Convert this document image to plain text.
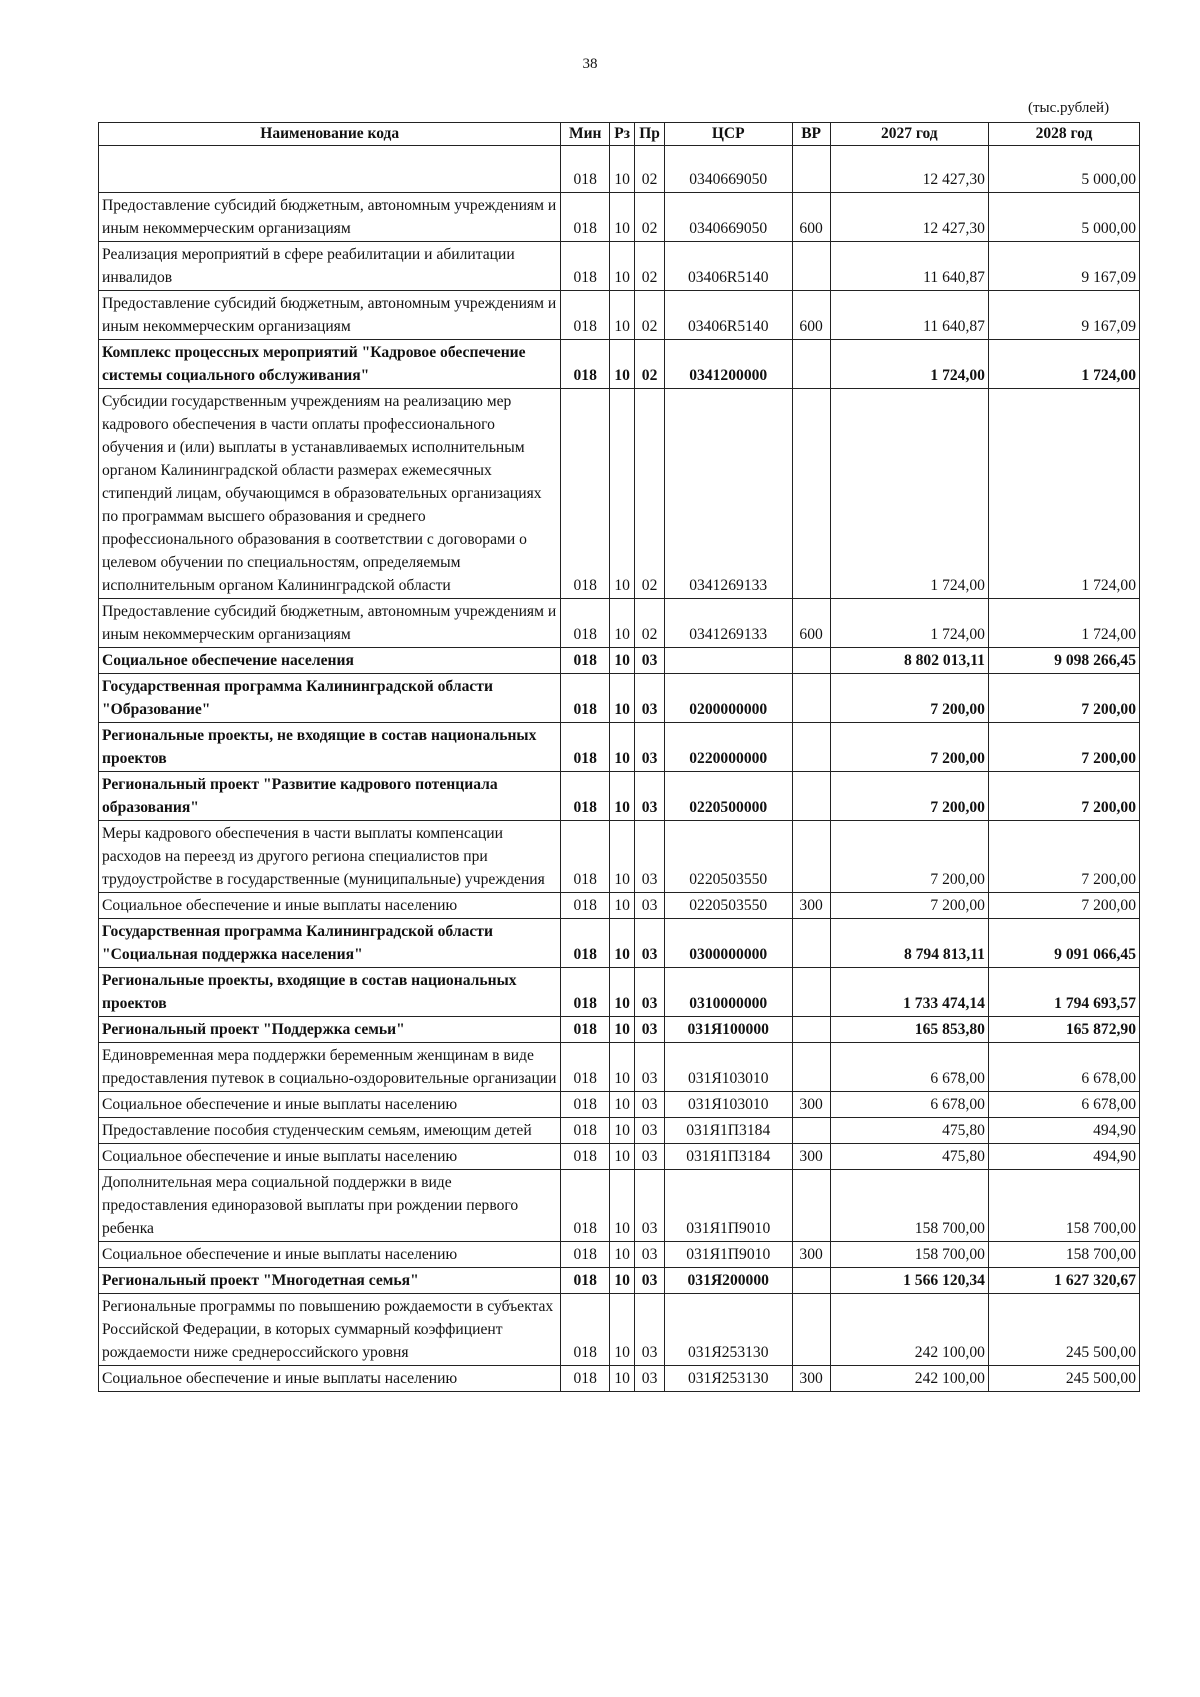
38
(тыс.рублей)
Наименование кода	Мин	Рз	Пр	ЦСР	ВР	2027 год	2028 год
	018	10	02	0340669050		12 427,30	5 000,00
Предоставление субсидий бюджетным, автономным учреждениям и иным некоммерческим организациям	018	10	02	0340669050	600	12 427,30	5 000,00
Реализация мероприятий в сфере реабилитации и абилитации инвалидов	018	10	02	03406R5140		11 640,87	9 167,09
Предоставление субсидий бюджетным, автономным учреждениям и иным некоммерческим организациям	018	10	02	03406R5140	600	11 640,87	9 167,09
Комплекс процессных мероприятий "Кадровое обеспечение системы социального обслуживания"	018	10	02	0341200000		1 724,00	1 724,00
Субсидии государственным учреждениям на реализацию мер кадрового обеспечения в части оплаты профессионального обучения и (или) выплаты в устанавливаемых исполнительным органом Калининградской области размерах ежемесячных стипендий лицам, обучающимся в образовательных организациях по программам высшего образования и среднего профессионального образования в соответствии с договорами о целевом обучении по специальностям, определяемым исполнительным органом Калининградской области	018	10	02	0341269133		1 724,00	1 724,00
Предоставление субсидий бюджетным, автономным учреждениям и иным некоммерческим организациям	018	10	02	0341269133	600	1 724,00	1 724,00
Социальное обеспечение населения	018	10	03			8 802 013,11	9 098 266,45
Государственная программа Калининградской области "Образование"	018	10	03	0200000000		7 200,00	7 200,00
Региональные проекты, не входящие в состав национальных проектов	018	10	03	0220000000		7 200,00	7 200,00
Региональный проект "Развитие кадрового потенциала образования"	018	10	03	0220500000		7 200,00	7 200,00
Меры кадрового обеспечения в части выплаты компенсации расходов на переезд из другого региона специалистов при трудоустройстве в государственные (муниципальные) учреждения	018	10	03	0220503550		7 200,00	7 200,00
Социальное обеспечение и иные выплаты населению	018	10	03	0220503550	300	7 200,00	7 200,00
Государственная программа Калининградской области "Социальная поддержка населения"	018	10	03	0300000000		8 794 813,11	9 091 066,45
Региональные проекты, входящие в состав национальных проектов	018	10	03	0310000000		1 733 474,14	1 794 693,57
Региональный проект "Поддержка семьи"	018	10	03	031Я100000		165 853,80	165 872,90
Единовременная мера поддержки беременным женщинам в виде предоставления путевок в социально-оздоровительные организации	018	10	03	031Я103010		6 678,00	6 678,00
Социальное обеспечение и иные выплаты населению	018	10	03	031Я103010	300	6 678,00	6 678,00
Предоставление пособия студенческим семьям, имеющим детей	018	10	03	031Я1П3184		475,80	494,90
Социальное обеспечение и иные выплаты населению	018	10	03	031Я1П3184	300	475,80	494,90
Дополнительная мера социальной поддержки в виде предоставления единоразовой выплаты при рождении первого ребенка	018	10	03	031Я1П9010		158 700,00	158 700,00
Социальное обеспечение и иные выплаты населению	018	10	03	031Я1П9010	300	158 700,00	158 700,00
Региональный проект "Многодетная семья"	018	10	03	031Я200000		1 566 120,34	1 627 320,67
Региональные программы по повышению рождаемости в субъектах Российской Федерации, в которых суммарный коэффициент рождаемости ниже среднероссийского уровня	018	10	03	031Я253130		242 100,00	245 500,00
Социальное обеспечение и иные выплаты населению	018	10	03	031Я253130	300	242 100,00	245 500,00
